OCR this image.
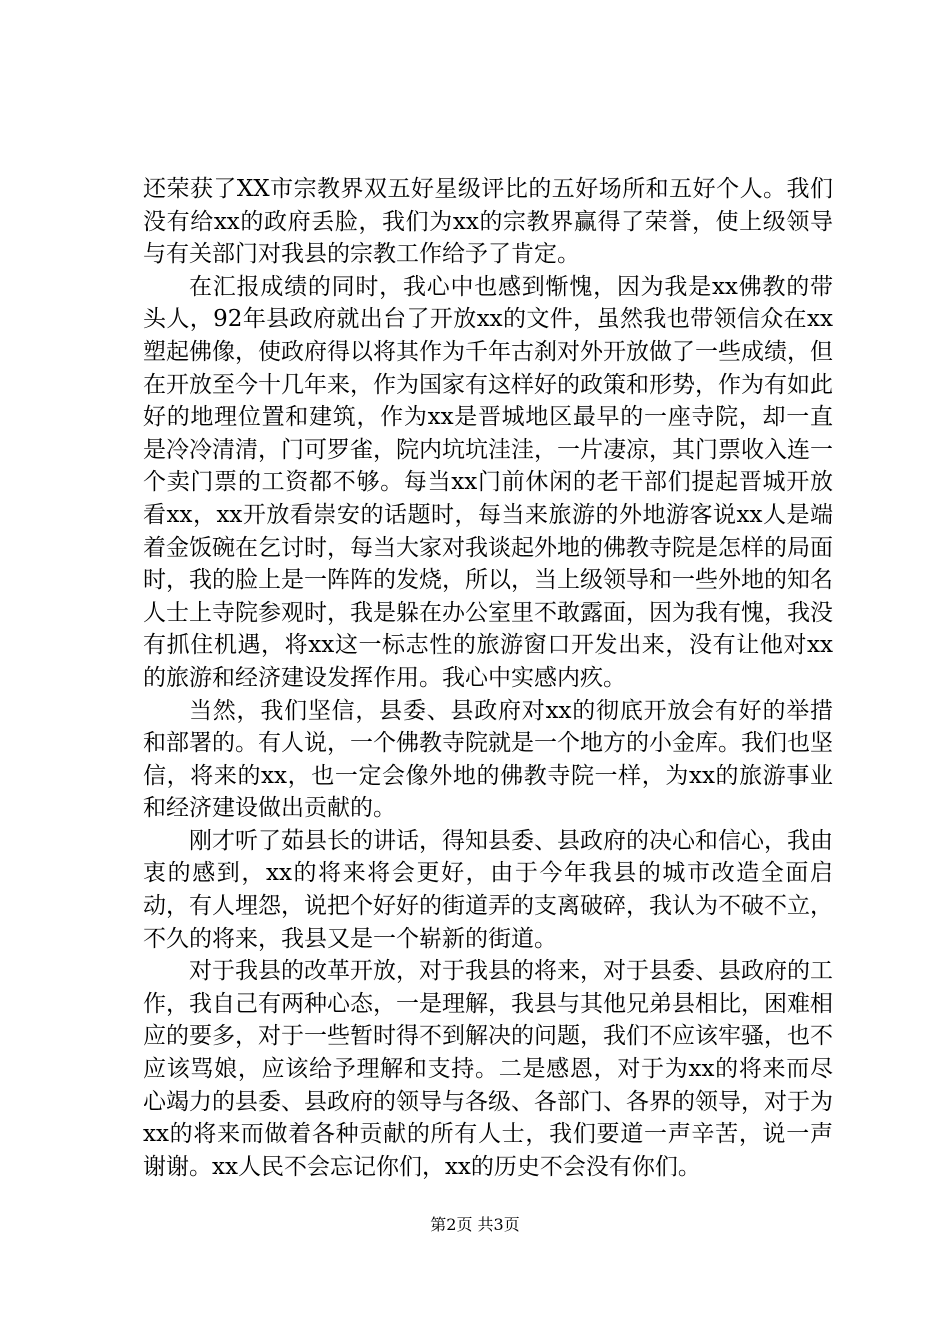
还荣获了XX市宗教界双五好星级评比的五好场所和五好个人。我们没有给xx的政府丢脸，我们为xx的宗教界赢得了荣誉，使上级领导与有关部门对我县的宗教工作给予了肯定。

在汇报成绩的同时，我心中也感到惭愧，因为我是xx佛教的带头人，92年县政府就出台了开放xx的文件，虽然我也带领信众在xx塑起佛像，使政府得以将其作为千年古刹对外开放做了一些成绩，但在开放至今十几年来，作为国家有这样好的政策和形势，作为有如此好的地理位置和建筑，作为xx是晋城地区最早的一座寺院，却一直是冷冷清清，门可罗雀，院内坑坑洼洼，一片凄凉，其门票收入连一个卖门票的工资都不够。每当xx门前休闲的老干部们提起晋城开放看xx，xx开放看崇安的话题时，每当来旅游的外地游客说xx人是端着金饭碗在乞讨时，每当大家对我谈起外地的佛教寺院是怎样的局面时，我的脸上是一阵阵的发烧，所以，当上级领导和一些外地的知名人士上寺院参观时，我是躲在办公室里不敢露面，因为我有愧，我没有抓住机遇，将xx这一标志性的旅游窗口开发出来，没有让他对xx的旅游和经济建设发挥作用。我心中实感内疚。

当然，我们坚信，县委、县政府对xx的彻底开放会有好的举措和部署的。有人说，一个佛教寺院就是一个地方的小金库。我们也坚信，将来的xx，也一定会像外地的佛教寺院一样，为xx的旅游事业和经济建设做出贡献的。

刚才听了茹县长的讲话，得知县委、县政府的决心和信心，我由衷的感到，xx的将来将会更好，由于今年我县的城市改造全面启动，有人埋怨，说把个好好的街道弄的支离破碎，我认为不破不立，不久的将来，我县又是一个崭新的街道。

对于我县的改革开放，对于我县的将来，对于县委、县政府的工作，我自己有两种心态，一是理解，我县与其他兄弟县相比，困难相应的要多，对于一些暂时得不到解决的问题，我们不应该牢骚，也不应该骂娘，应该给予理解和支持。二是感恩，对于为xx的将来而尽心竭力的县委、县政府的领导与各级、各部门、各界的领导，对于为xx的将来而做着各种贡献的所有人士，我们要道一声辛苦，说一声谢谢。xx人民不会忘记你们，xx的历史不会没有你们。

第2页 共3页
